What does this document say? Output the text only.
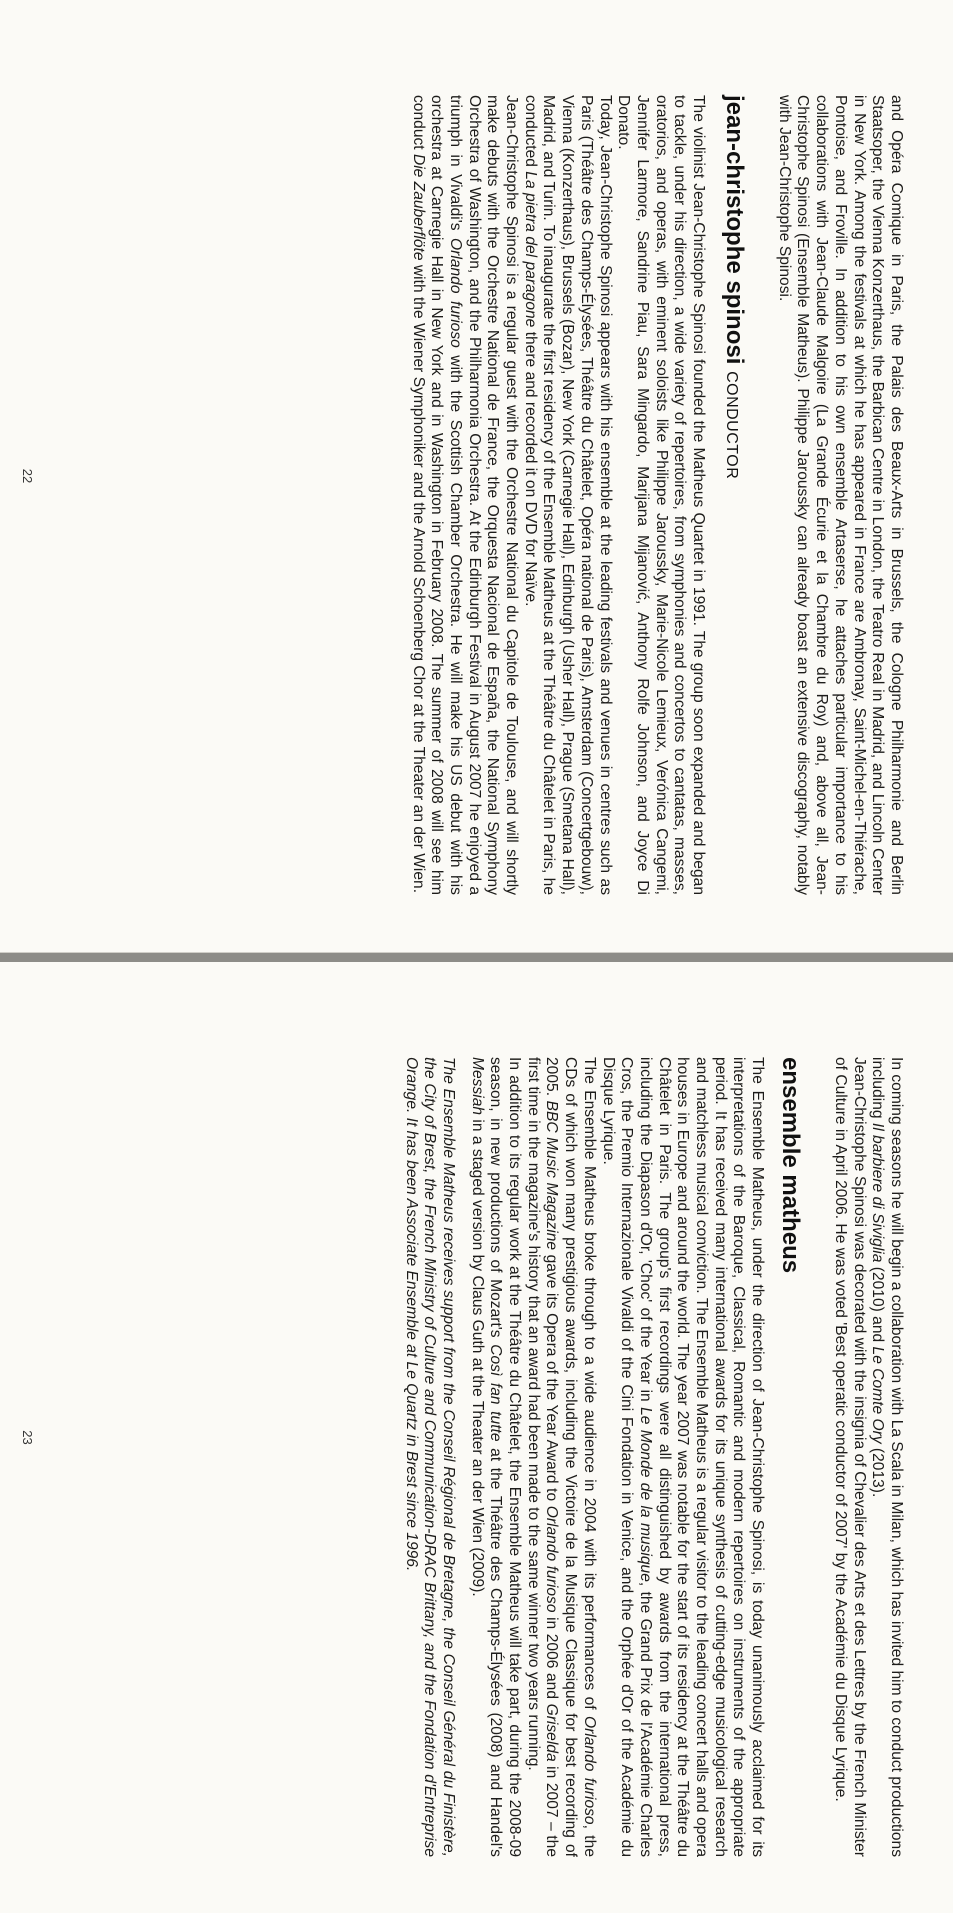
and Opéra Comique in Paris, the Palais des Beaux-Arts in Brussels, the Cologne Philharmonie and Berlin Staatsoper, the Vienna Konzerthaus, the Barbican Centre in London, the Teatro Real in Madrid, and Lincoln Center in New York. Among the festivals at which he has appeared in France are Ambronay, Saint-Michel-en-Thiérache, Pontoise, and Froville. In addition to his own ensemble Artaserse, he attaches particular importance to his collaborations with Jean-Claude Malgoire (La Grande Écurie et la Chambre du Roy) and, above all, Jean-Christophe Spinosi (Ensemble Matheus). Philippe Jaroussky can already boast an extensive discography, notably with Jean-Christophe Spinosi.

jean-christophe spinosi CONDUCTOR

The violinist Jean-Christophe Spinosi founded the Matheus Quartet in 1991. The group soon expanded and began to tackle, under his direction, a wide variety of repertoires, from symphonies and concertos to cantatas, masses, oratorios, and operas, with eminent soloists like Philippe Jaroussky, Marie-Nicole Lemieux, Verónica Cangemi, Jennifer Larmore, Sandrine Piau, Sara Mingardo, Marijana Mijanović, Anthony Rolfe Johnson, and Joyce Di Donato.

Today, Jean-Christophe Spinosi appears with his ensemble at the leading festivals and venues in centres such as Paris (Théâtre des Champs-Élysées, Théâtre du Châtelet, Opéra national de Paris), Amsterdam (Concertgebouw), Vienna (Konzerthaus), Brussels (Bozar), New York (Carnegie Hall), Edinburgh (Usher Hall), Prague (Smetana Hall), Madrid, and Turin. To inaugurate the first residency of the Ensemble Matheus at the Théâtre du Châtelet in Paris, he conducted La pietra del paragone there and recorded it on DVD for Naïve.

Jean-Christophe Spinosi is a regular guest with the Orchestre National du Capitole de Toulouse, and will shortly make debuts with the Orchestre National de France, the Orquesta Nacional de España, the National Symphony Orchestra of Washington, and the Philharmonia Orchestra. At the Edinburgh Festival in August 2007 he enjoyed a triumph in Vivaldi's Orlando furioso with the Scottish Chamber Orchestra. He will make his US debut with his orchestra at Carnegie Hall in New York and in Washington in February 2008. The summer of 2008 will see him conduct Die Zauberflöte with the Wiener Symphoniker and the Arnold Schoenberg Chor at the Theater an der Wien.

22

In coming seasons he will begin a collaboration with La Scala in Milan, which has invited him to conduct productions including Il barbiere di Siviglia (2010) and Le Comte Ory (2013).

Jean-Christophe Spinosi was decorated with the insignia of Chevalier des Arts et des Lettres by the French Minister of Culture in April 2006. He was voted 'Best operatic conductor of 2007' by the Académie du Disque Lyrique.

ensemble matheus

The Ensemble Matheus, under the direction of Jean-Christophe Spinosi, is today unanimously acclaimed for its interpretations of the Baroque, Classical, Romantic and modern repertoires on instruments of the appropriate period. It has received many international awards for its unique synthesis of cutting-edge musicological research and matchless musical conviction. The Ensemble Matheus is a regular visitor to the leading concert halls and opera houses in Europe and around the world. The year 2007 was notable for the start of its residency at the Théâtre du Châtelet in Paris. The group's first recordings were all distinguished by awards from the international press, including the Diapason d'Or, 'Choc' of the Year in Le Monde de la musique, the Grand Prix de l'Académie Charles Cros, the Premio Internazionale Vivaldi of the Cini Fondation in Venice, and the Orphée d'Or of the Académie du Disque Lyrique.

The Ensemble Matheus broke through to a wide audience in 2004 with its performances of Orlando furioso, the CDs of which won many prestigious awards, including the Victoire de la Musique Classique for best recording of 2005. BBC Music Magazine gave its Opera of the Year Award to Orlando furioso in 2006 and Griselda in 2007 – the first time in the magazine's history that an award had been made to the same winner two years running.

In addition to its regular work at the Théâtre du Châtelet, the Ensemble Matheus will take part, during the 2008-09 season, in new productions of Mozart's Così fan tutte at the Théâtre des Champs-Élysées (2008) and Handel's Messiah in a staged version by Claus Guth at the Theater an der Wien (2009).

The Ensemble Matheus receives support from the Conseil Régional de Bretagne, the Conseil Général du Finistère, the City of Brest, the French Ministry of Culture and Communication-DRAC Brittany, and the Fondation d'Entreprise Orange. It has been Associate Ensemble at Le Quartz in Brest since 1996.

23
